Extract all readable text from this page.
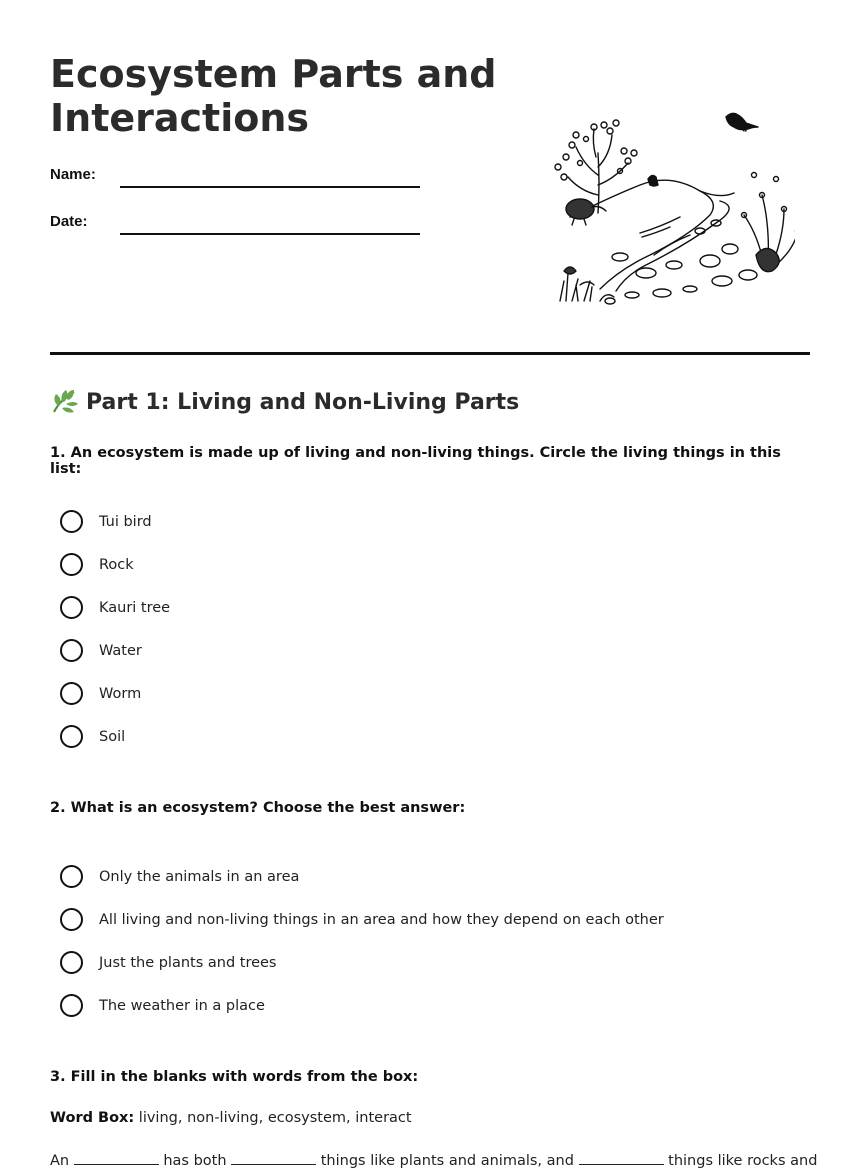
Ecosystem Parts and Interactions
Name:
Date:
Part 1: Living and Non-Living Parts

1. An ecosystem is made up of living and non-living things. Circle the living things in this list:

Tui bird
Rock
Kauri tree
Water
Worm
Soil

2. What is an ecosystem? Choose the best answer:

Only the animals in an area
All living and non-living things in an area and how they depend on each other
Just the plants and trees
The weather in a place

3. Fill in the blanks with words from the box:

Word Box: living, non-living, ecosystem, interact
An	has both	things like plants and animals, and	things like rocks and
